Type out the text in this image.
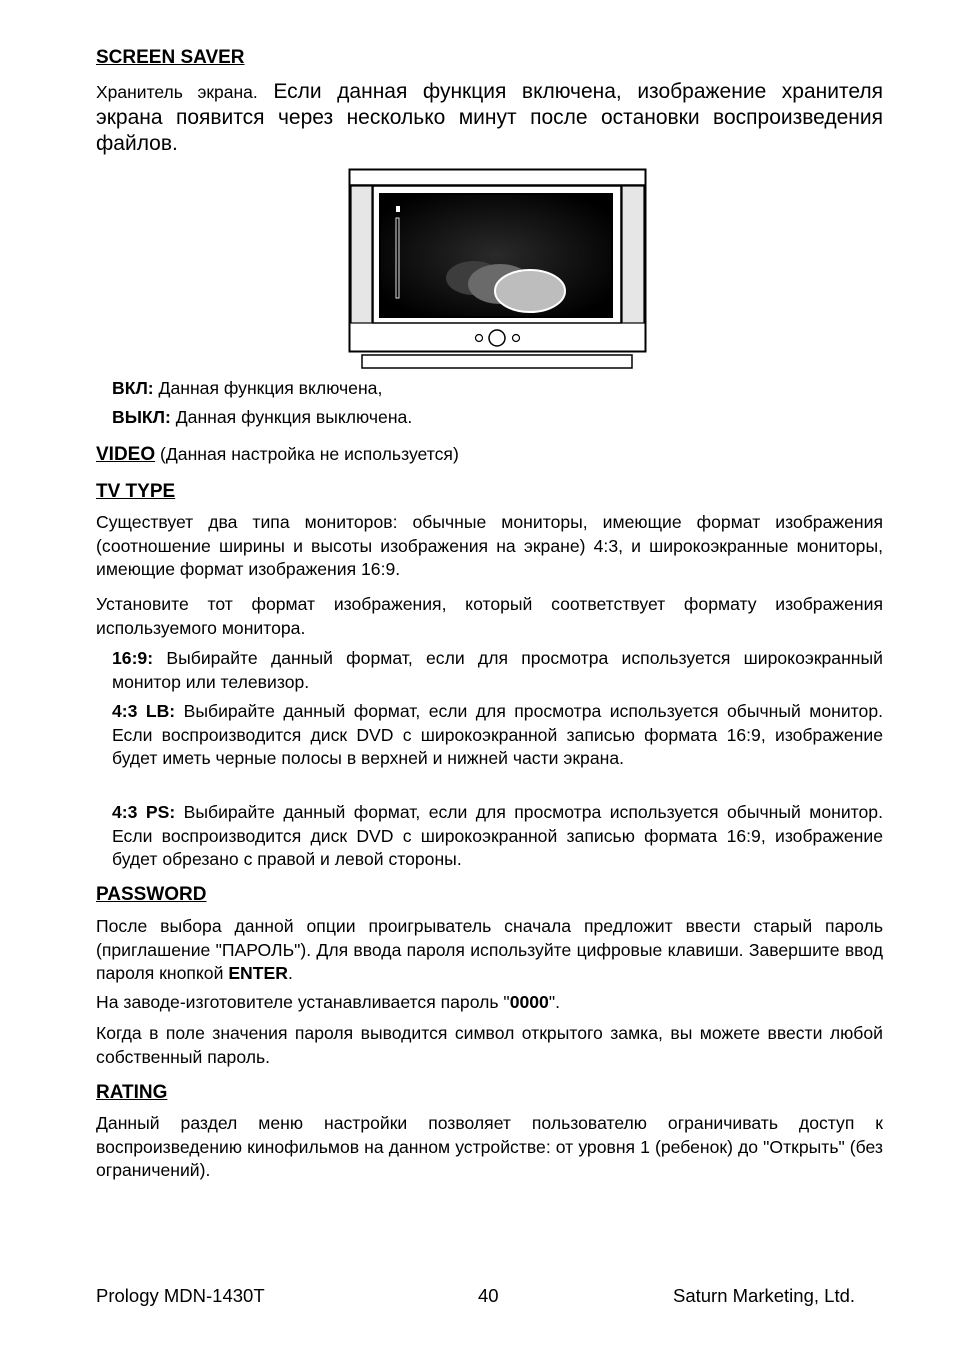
SCREEN SAVER
Хранитель экрана. Если данная функция включена, изображение хранителя экрана появится через несколько минут после остановки воспроизведения файлов.
ВКЛ: Данная функция включена,
ВЫКЛ: Данная функция выключена.
VIDEO (Данная настройка не используется)
TV TYPE
Существует два типа мониторов: обычные мониторы, имеющие формат изображения (соотношение ширины и высоты изображения на экране) 4:3, и широкоэкранные мониторы, имеющие формат изображения 16:9.
Установите тот формат изображения, который соответствует формату изображения используемого монитора.
16:9: Выбирайте данный формат, если для просмотра используется широкоэкранный монитор или телевизор.
4:3 LB: Выбирайте данный формат, если для просмотра используется обычный монитор. Если воспроизводится диск DVD с широкоэкранной записью формата 16:9, изображение будет иметь черные полосы в верхней и нижней части экрана.
4:3 PS: Выбирайте данный формат, если для просмотра используется обычный монитор. Если воспроизводится диск DVD с широкоэкранной записью формата 16:9, изображение будет обрезано с правой и левой стороны.
PASSWORD
После выбора данной опции проигрыватель сначала предложит ввести старый пароль (приглашение "ПАРОЛЬ"). Для ввода пароля используйте цифровые клавиши. Завершите ввод пароля кнопкой ENTER.
На заводе-изготовителе устанавливается пароль "0000".
Когда в поле значения пароля выводится символ открытого замка, вы можете ввести любой собственный пароль.
RATING
Данный раздел меню настройки позволяет пользователю ограничивать доступ к воспроизведению кинофильмов на данном устройстве: от уровня 1 (ребенок) до "Открыть" (без ограничений).
Prology MDN-1430T	40	Saturn Marketing, Ltd.
